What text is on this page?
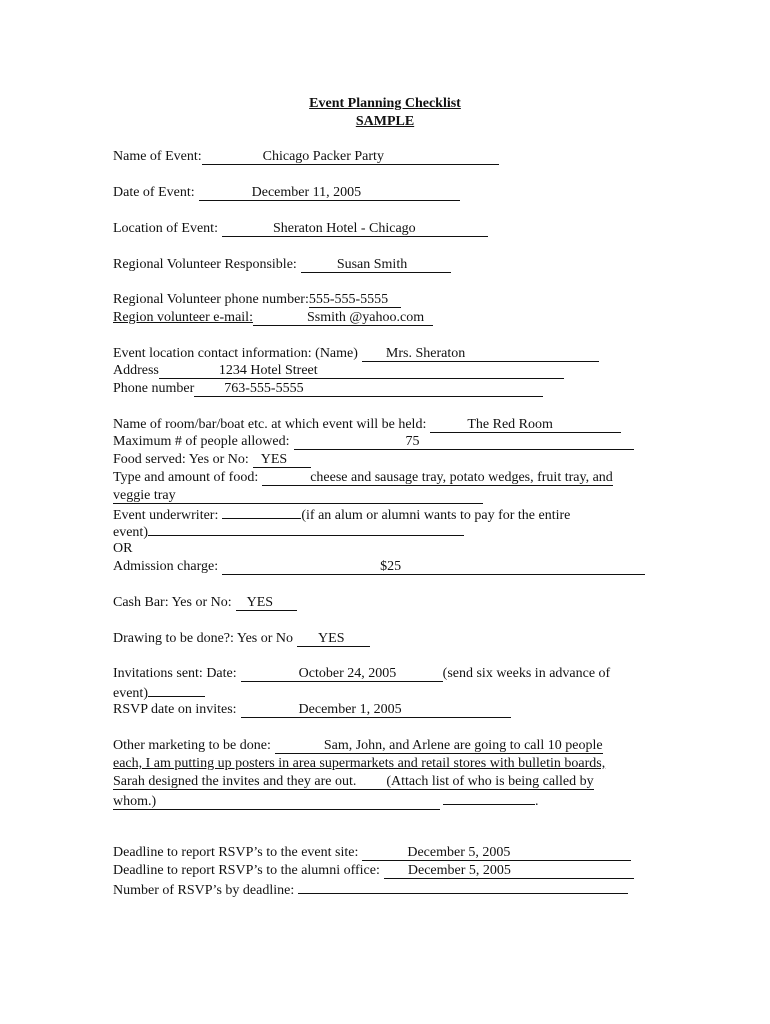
Event Planning Checklist
SAMPLE
Name of Event:	Chicago Packer Party
Date of Event:	December 11, 2005
Location of Event:	Sheraton Hotel - Chicago
Regional Volunteer Responsible:	Susan Smith
Regional Volunteer phone number:555-555-5555
Region volunteer e-mail:	Ssmith @yahoo.com
Event location contact information: (Name) Mrs. Sheraton
Address	1234 Hotel Street
Phone number 763-555-5555
Name of room/bar/boat etc. at which event will be held:	The Red Room
Maximum # of people allowed:	75
Food served: Yes or No: YES
Type and amount of food:	cheese and sausage tray, potato wedges, fruit tray, and
veggie tray
Event underwriter:	(if an alum or alumni wants to pay for the entire
event)
OR
Admission charge:	$25
Cash Bar: Yes or No: YES
Drawing to be done?: Yes or No YES
Invitations sent: Date:	October 24, 2005	(send six weeks in advance of
event)
RSVP date on invites:	December 1, 2005
Other marketing to be done:	Sam, John, and Arlene are going to call 10 people
each, I am putting up posters in area supermarkets and retail stores with bulletin boards,
Sarah designed the invites and they are out. (Attach list of who is being called by
whom.)	.
Deadline to report RSVP’s to the event site:	December 5, 2005
Deadline to report RSVP’s to the alumni office: December 5, 2005
Number of RSVP’s by deadline:
